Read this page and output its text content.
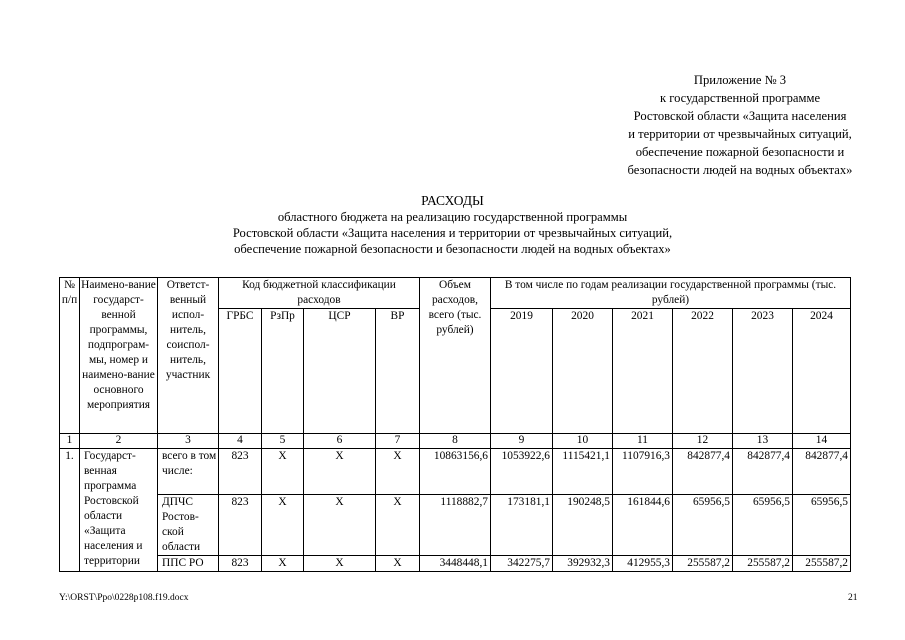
Приложение № 3
к государственной программе
Ростовской области «Защита населения
и территории от чрезвычайных ситуаций,
обеспечение пожарной безопасности и
безопасности людей на водных объектах»
РАСХОДЫ
областного бюджета на реализацию государственной программы
Ростовской области «Защита населения и территории от чрезвычайных ситуаций,
обеспечение пожарной безопасности и безопасности людей на водных объектах»
№ п/п	Наимено-вание государст-венной программы, подпрограм-мы, номер и наимено-вание основного мероприятия	Ответст-венный испол-нитель, соиспол-нитель, участник	Код бюджетной классификации расходов				Объем расходов, всего (тыс. рублей)	В том числе по годам реализации государственной программы (тыс. рублей)					
			ГРБС	РзПр	ЦСР	ВР		2019	2020	2021	2022	2023	2024
1	2	3	4	5	6	7	8	9	10	11	12	13	14
1.	Государст-венная программа Ростовской области «Защита населения и территории	всего в том числе:	823	Х	Х	Х	10863156,6	1053922,6	1115421,1	1107916,3	842877,4	842877,4	842877,4
		ДПЧС Ростов-ской области	823	Х	Х	Х	1118882,7	173181,1	190248,5	161844,6	65956,5	65956,5	65956,5
		ППС РО	823	Х	Х	Х	3448448,1	342275,7	392932,3	412955,3	255587,2	255587,2	255587,2
Y:\ORST\Ppo\0228p108.f19.docx	21
